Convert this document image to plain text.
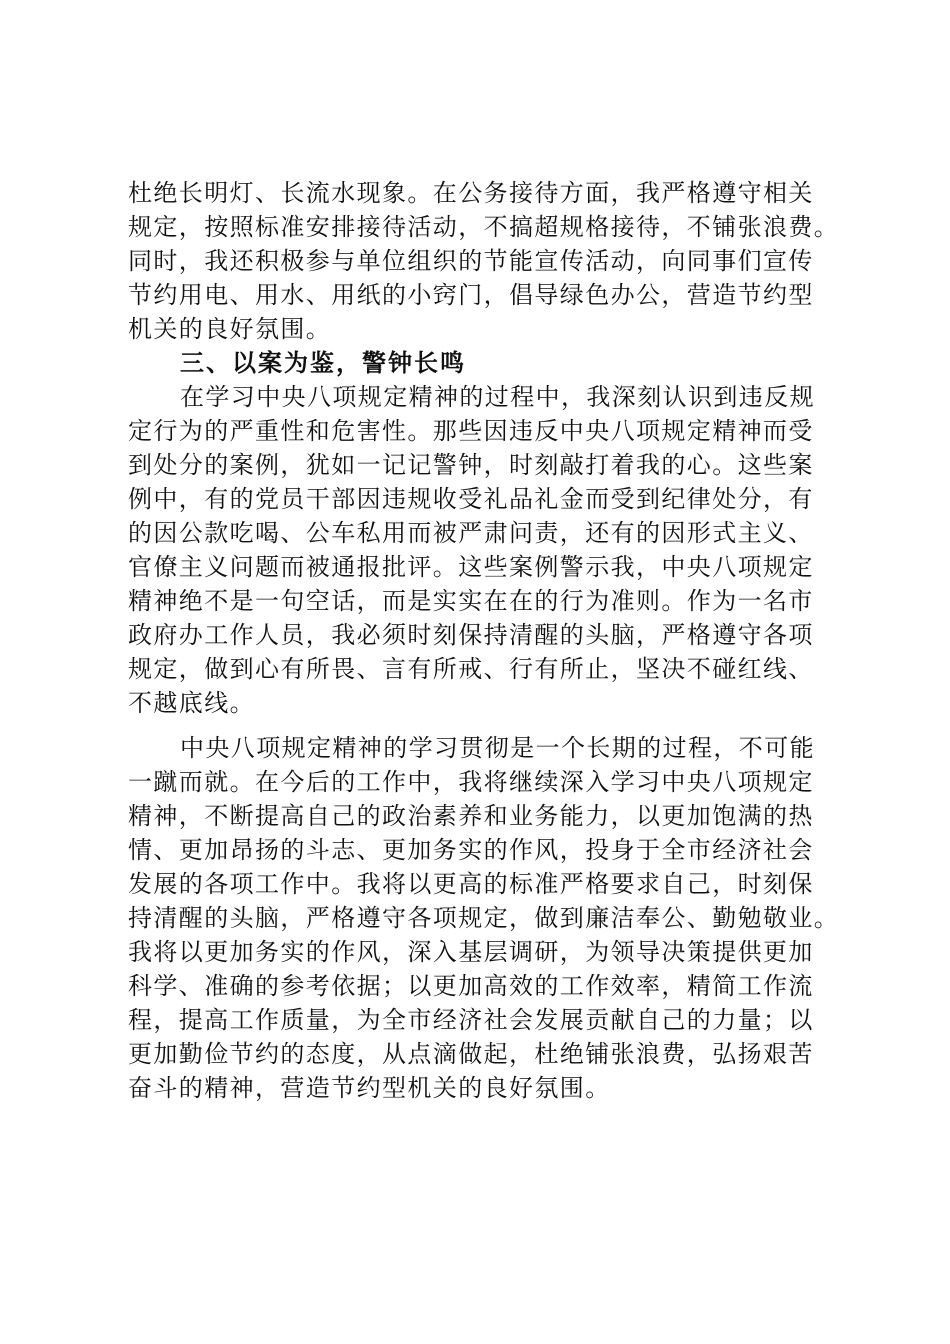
杜绝长明灯、长流水现象。在公务接待方面，我严格遵守相关
规定，按照标准安排接待活动，不搞超规格接待，不铺张浪费。
同时，我还积极参与单位组织的节能宣传活动，向同事们宣传
节约用电、用水、用纸的小窍门，倡导绿色办公，营造节约型
机关的良好氛围。
三、以案为鉴，警钟长鸣
在学习中央八项规定精神的过程中，我深刻认识到违反规
定行为的严重性和危害性。那些因违反中央八项规定精神而受
到处分的案例，犹如一记记警钟，时刻敲打着我的心。这些案
例中，有的党员干部因违规收受礼品礼金而受到纪律处分，有
的因公款吃喝、公车私用而被严肃问责，还有的因形式主义、
官僚主义问题而被通报批评。这些案例警示我，中央八项规定
精神绝不是一句空话，而是实实在在的行为准则。作为一名市
政府办工作人员，我必须时刻保持清醒的头脑，严格遵守各项
规定，做到心有所畏、言有所戒、行有所止，坚决不碰红线、
不越底线。
中央八项规定精神的学习贯彻是一个长期的过程，不可能
一蹴而就。在今后的工作中，我将继续深入学习中央八项规定
精神，不断提高自己的政治素养和业务能力，以更加饱满的热
情、更加昂扬的斗志、更加务实的作风，投身于全市经济社会
发展的各项工作中。我将以更高的标准严格要求自己，时刻保
持清醒的头脑，严格遵守各项规定，做到廉洁奉公、勤勉敬业。
我将以更加务实的作风，深入基层调研，为领导决策提供更加
科学、准确的参考依据；以更加高效的工作效率，精简工作流
程，提高工作质量，为全市经济社会发展贡献自己的力量；以
更加勤俭节约的态度，从点滴做起，杜绝铺张浪费，弘扬艰苦
奋斗的精神，营造节约型机关的良好氛围。
